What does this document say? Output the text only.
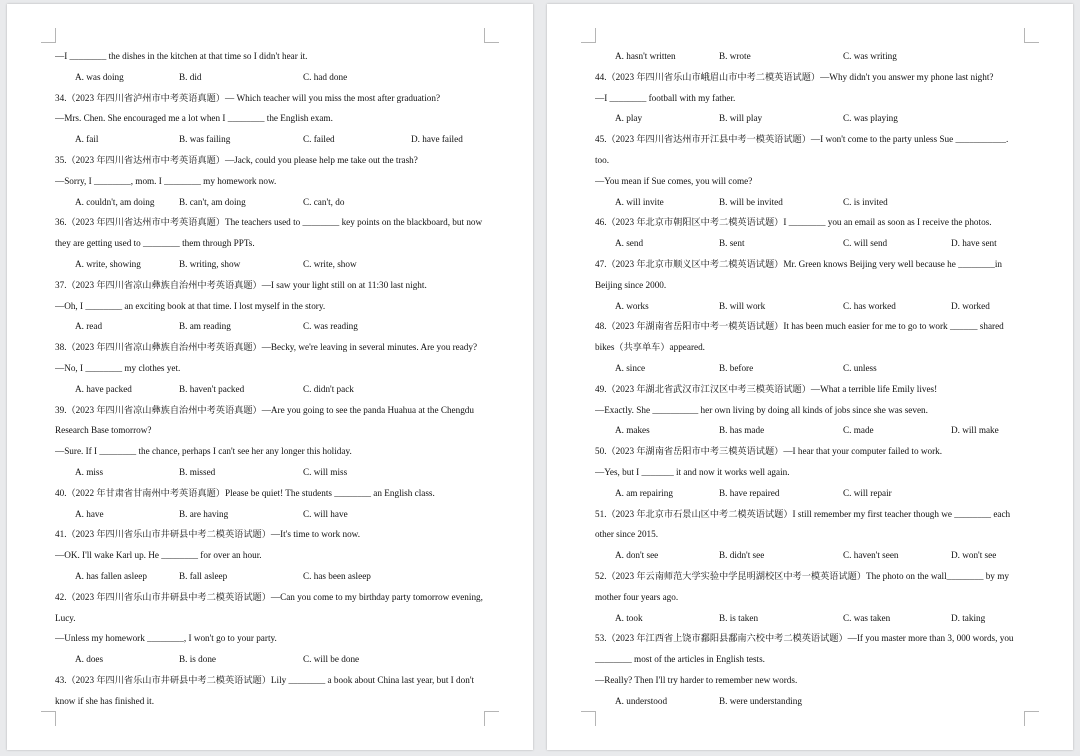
—I ________ the dishes in the kitchen at that time so I didn't hear it.
A. was doing	B. did	C. had done
34.（2023 年四川省泸州市中考英语真题）— Which teacher will you miss the most after graduation?
—Mrs. Chen. She encouraged me a lot when I ________ the English exam.
A. fail	B. was failing	C. failed	D. have failed
35.（2023 年四川省达州市中考英语真题）—Jack, could you please help me take out the trash?
—Sorry, I ________, mom. I ________ my homework now.
A. couldn't, am doing	B. can't, am doing	C. can't, do
36.（2023 年四川省达州市中考英语真题）The teachers used to ________ key points on the blackboard, but now
they are getting used to ________ them through PPTs.
A. write, showing	B. writing, show	C. write, show
37.（2023 年四川省凉山彝族自治州中考英语真题）—I saw your light still on at 11:30 last night.
—Oh, I ________ an exciting book at that time. I lost myself in the story.
A. read	B. am reading	C. was reading
38.（2023 年四川省凉山彝族自治州中考英语真题）—Becky, we're leaving in several minutes. Are you ready?
—No, I ________ my clothes yet.
A. have packed	B. haven't packed	C. didn't pack
39.（2023 年四川省凉山彝族自治州中考英语真题）—Are you going to see the panda Huahua at the Chengdu
Research Base tomorrow?
—Sure. If I ________ the chance, perhaps I can't see her any longer this holiday.
A. miss	B. missed	C. will miss
40.（2022 年甘肃省甘南州中考英语真题）Please be quiet! The students ________ an English class.
A. have	B. are having	C. will have
41.（2023 年四川省乐山市井研县中考二模英语试题）—It's time to work now.
—OK. I'll wake Karl up. He ________ for over an hour.
A. has fallen asleep	B. fall asleep	C. has been asleep
42.（2023 年四川省乐山市井研县中考二模英语试题）—Can you come to my birthday party tomorrow evening,
Lucy.
—Unless my homework ________, I won't go to your party.
A. does	B. is done	C. will be done
43.（2023 年四川省乐山市井研县中考二模英语试题）Lily ________ a book about China last year, but I don't
know if she has finished it.
A. hasn't written	B. wrote	C. was writing
44.（2023 年四川省乐山市峨眉山市中考二模英语试题）—Why didn't you answer my phone last night?
—I ________ football with my father.
A. play	B. will play	C. was playing
45.（2023 年四川省达州市开江县中考一模英语试题）—I won't come to the party unless Sue ___________.
too.
—You mean if Sue comes, you will come?
A. will invite	B. will be invited	C. is invited
46.（2023 年北京市朝阳区中考二模英语试题）I ________ you an email as soon as I receive the photos.
A. send	B. sent	C. will send	D. have sent
47.（2023 年北京市顺义区中考二模英语试题）Mr. Green knows Beijing very well because he ________in
Beijing since 2000.
A. works	B. will work	C. has worked	D. worked
48.（2023 年湖南省岳阳市中考一模英语试题）It has been much easier for me to go to work ______ shared
bikes（共享单车）appeared.
A. since	B. before	C. unless
49.（2023 年湖北省武汉市江汉区中考三模英语试题）—What a terrible life Emily lives!
—Exactly. She __________ her own living by doing all kinds of jobs since she was seven.
A. makes	B. has made	C. made	D. will make
50.（2023 年湖南省岳阳市中考三模英语试题）—I hear that your computer failed to work.
—Yes, but I _______ it and now it works well again.
A. am repairing	B. have repaired	C. will repair
51.（2023 年北京市石景山区中考二模英语试题）I still remember my first teacher though we ________ each
other since 2015.
A. don't see	B. didn't see	C. haven't seen	D. won't see
52.（2023 年云南师范大学实验中学昆明湖校区中考一模英语试题）The photo on the wall________ by my
mother four years ago.
A. took	B. is taken	C. was taken	D. taking
53.（2023 年江西省上饶市鄱阳县鄱南六校中考二模英语试题）—If you master more than 3, 000 words, you
________ most of the articles in English tests.
—Really? Then I'll try harder to remember new words.
A. understood	B. were understanding
